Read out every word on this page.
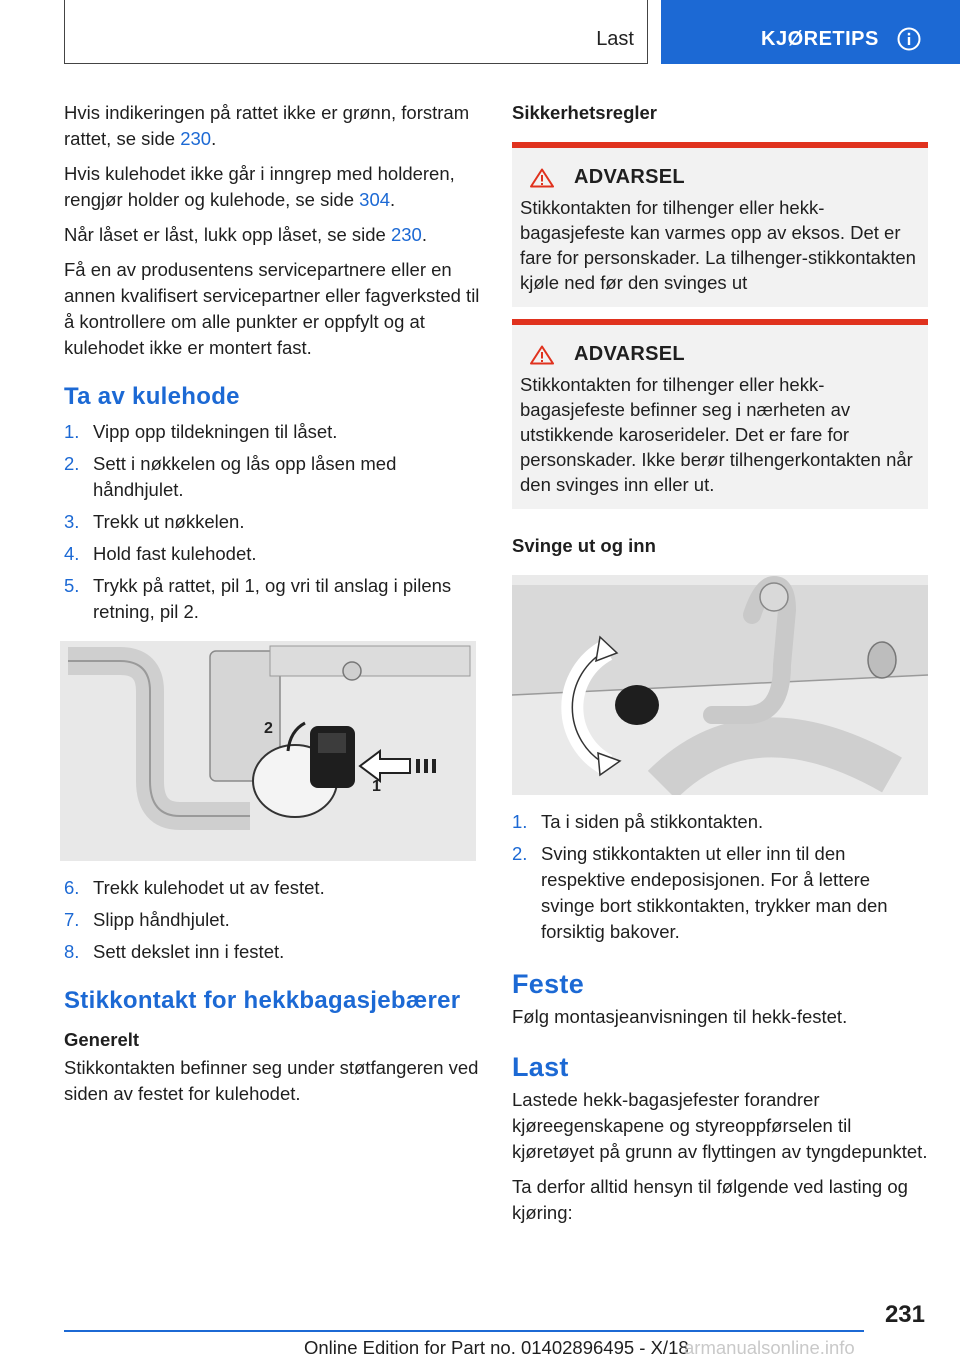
Last	KJØRETIPS

Hvis indikeringen på rattet ikke er grønn, forstram rattet, se side 230.

Hvis kulehodet ikke går i inngrep med holderen, rengjør holder og kulehode, se side 304.

Når låset er låst, lukk opp låset, se side 230.

Få en av produsentens servicepartnere eller en annen kvalifisert servicepartner eller fagverksted til å kontrollere om alle punkter er oppfylt og at kulehodet ikke er montert fast.

Ta av kulehode
1. Vipp opp tildekningen til låset.
2. Sett i nøkkelen og lås opp låsen med håndhjulet.
3. Trekk ut nøkkelen.
4. Hold fast kulehodet.
5. Trykk på rattet, pil 1, og vri til anslag i pilens retning, pil 2.
2
1
6. Trekk kulehodet ut av festet.
7. Slipp håndhjulet.
8. Sett dekslet inn i festet.
Stikkontakt for hekkbagasjebærer
Generelt

Stikkontakten befinner seg under støtfangeren ved siden av festet for kulehodet.

Sikkerhetsregler
ADVARSEL

Stikkontakten for tilhenger eller hekk-bagasjefeste kan varmes opp av eksos. Det er fare for personskader. La tilhenger-stikkontakten kjøle ned før den svinges ut

ADVARSEL

Stikkontakten for tilhenger eller hekk-bagasjefeste befinner seg i nærheten av utstikkende karoserideler. Det er fare for personskader. Ikke berør tilhengerkontakten når den svinges inn eller ut.

Svinge ut og inn
1. Ta i siden på stikkontakten.
2. Sving stikkontakten ut eller inn til den respektive endeposisjonen. For å lettere svinge bort stikkontakten, trykker man den forsiktig bakover.
Feste

Følg montasjeanvisningen til hekk-festet.

Last

Lastede hekk-bagasjefester forandrer kjøreegenskapene og styreoppførselen til kjøretøyet på grunn av flyttingen av tyngdepunktet.

Ta derfor alltid hensyn til følgende ved lasting og kjøring:

231
Online Edition for Part no. 01402896495 - X/18
armanualsonline.info
